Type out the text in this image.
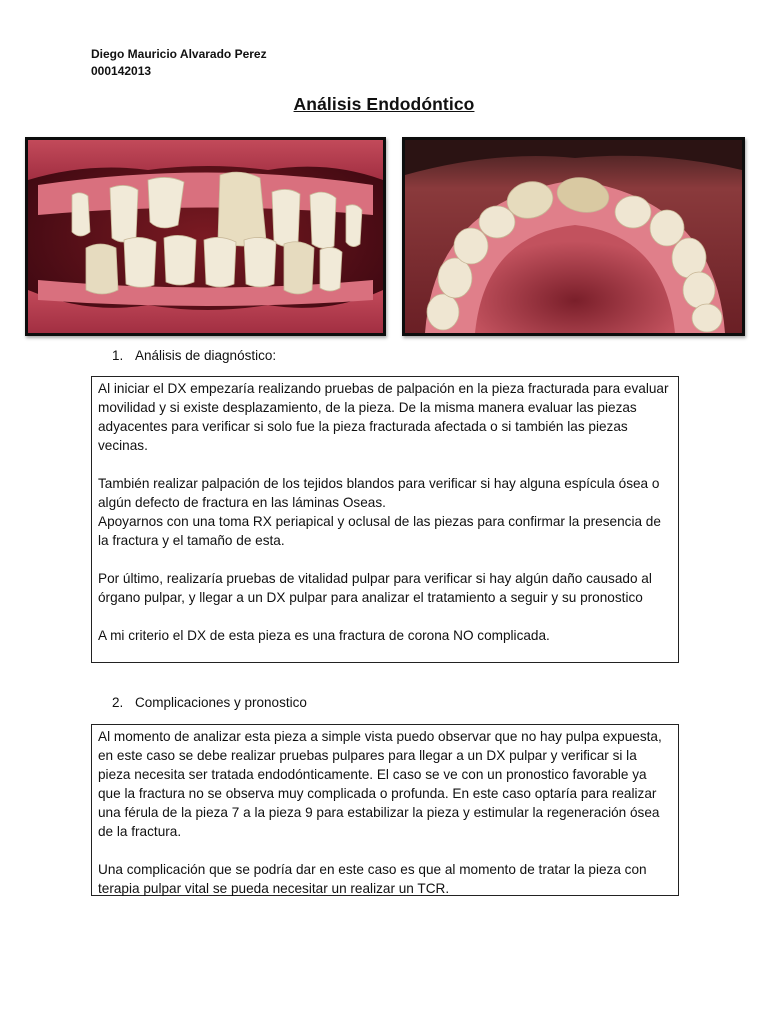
Diego Mauricio Alvarado Perez
000142013
Análisis Endodóntico
1. Análisis de diagnóstico:

Al iniciar el DX empezaría realizando pruebas de palpación en la pieza fracturada para evaluar movilidad y si existe desplazamiento, de la pieza. De la misma manera evaluar las piezas adyacentes para verificar si solo fue la pieza fracturada afectada o si también las piezas vecinas.

También realizar palpación de los tejidos blandos para verificar si hay alguna espícula ósea o algún defecto de fractura en las láminas Oseas.

Apoyarnos con una toma RX periapical y oclusal de las piezas para confirmar la presencia de la fractura y el tamaño de esta.

Por último, realizaría pruebas de vitalidad pulpar para verificar si hay algún daño causado al órgano pulpar, y llegar a un DX pulpar para analizar el tratamiento a seguir y su pronostico

A mi criterio el DX de esta pieza es una fractura de corona NO complicada.

2. Complicaciones y pronostico

Al momento de analizar esta pieza a simple vista puedo observar que no hay pulpa expuesta, en este caso se debe realizar pruebas pulpares para llegar a un DX pulpar y verificar si la pieza necesita ser tratada endodónticamente. El caso se ve con un pronostico favorable ya que la fractura no se observa muy complicada o profunda. En este caso optaría para realizar una férula de la pieza 7 a la pieza 9 para estabilizar la pieza y estimular la regeneración ósea de la fractura.

Una complicación que se podría dar en este caso es que al momento de tratar la pieza con terapia pulpar vital se pueda necesitar un realizar un TCR.
